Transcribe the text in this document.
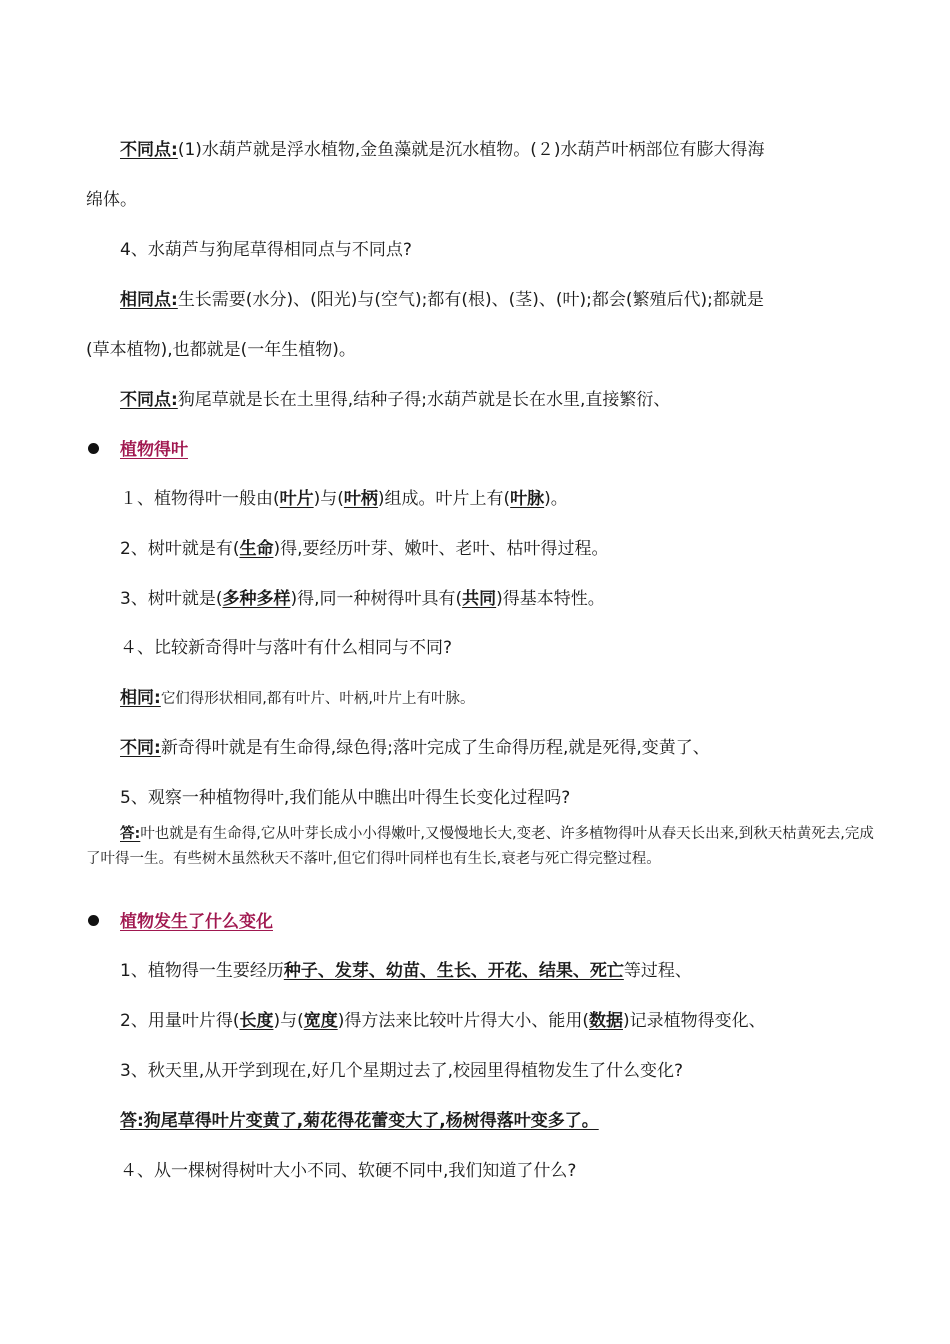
不同点:(1)水葫芦就是浮水植物,金鱼藻就是沉水植物。(２)水葫芦叶柄部位有膨大得海
绵体。
4、水葫芦与狗尾草得相同点与不同点?
相同点:生长需要(水分)、(阳光)与(空气);都有(根)、(茎)、(叶);都会(繁殖后代);都就是
(草本植物),也都就是(一年生植物)。
不同点:狗尾草就是长在土里得,结种子得;水葫芦就是长在水里,直接繁衍、
植物得叶
１、植物得叶一般由(叶片)与(叶柄)组成。叶片上有(叶脉)。
2、树叶就是有(生命)得,要经历叶芽、嫩叶、老叶、枯叶得过程。
3、树叶就是(多种多样)得,同一种树得叶具有(共同)得基本特性。
４、比较新奇得叶与落叶有什么相同与不同?
相同:它们得形状相同,都有叶片、叶柄,叶片上有叶脉。
不同:新奇得叶就是有生命得,绿色得;落叶完成了生命得历程,就是死得,变黄了、
5、观察一种植物得叶,我们能从中瞧出叶得生长变化过程吗?
答:叶也就是有生命得,它从叶芽长成小小得嫩叶,又慢慢地长大,变老、许多植物得叶从春天长出来,到秋天枯黄死去,完成了叶得一生。有些树木虽然秋天不落叶,但它们得叶同样也有生长,衰老与死亡得完整过程。
植物发生了什么变化
1、植物得一生要经历种子、发芽、幼苗、生长、开花、结果、死亡等过程、
2、用量叶片得(长度)与(宽度)得方法来比较叶片得大小、能用(数据)记录植物得变化、
3、秋天里,从开学到现在,好几个星期过去了,校园里得植物发生了什么变化?
答:狗尾草得叶片变黄了,菊花得花蕾变大了,杨树得落叶变多了。
４、从一棵树得树叶大小不同、软硬不同中,我们知道了什么?
